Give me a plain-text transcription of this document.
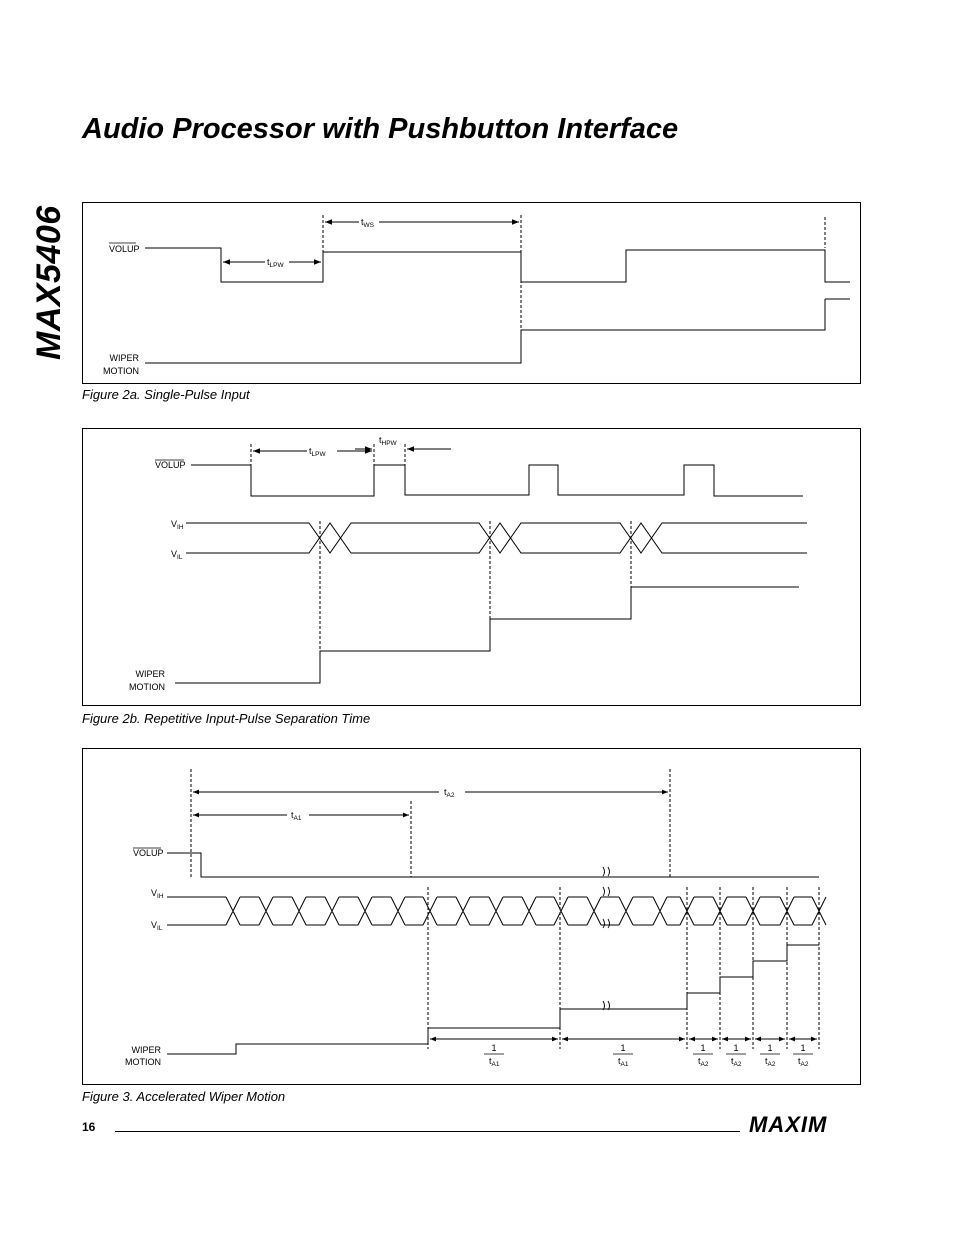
MAX5406
Audio Processor with Pushbutton Interface
VOLUP
WIPER
MOTION
$t_{WS}$
$t_{LPW}$
Figure 2a. Single-Pulse Input
VOLUP
$V_{IH}$
$V_{IL}$
WIPER
MOTION
$t_{LPW}$
$t_{HPW}$
Figure 2b. Repetitive Input-Pulse Separation Time
VOLUP
$V_{IH}$
$V_{IL}$
WIPER
MOTION
$t_{A2}$
$t_{A1}$
1
$t_{A1}$
1
$t_{A1}$
1
$t_{A2}$
1
$t_{A2}$
1
$t_{A2}$
1
$t_{A2}$
Figure 3. Accelerated Wiper Motion
16	MAXIM
